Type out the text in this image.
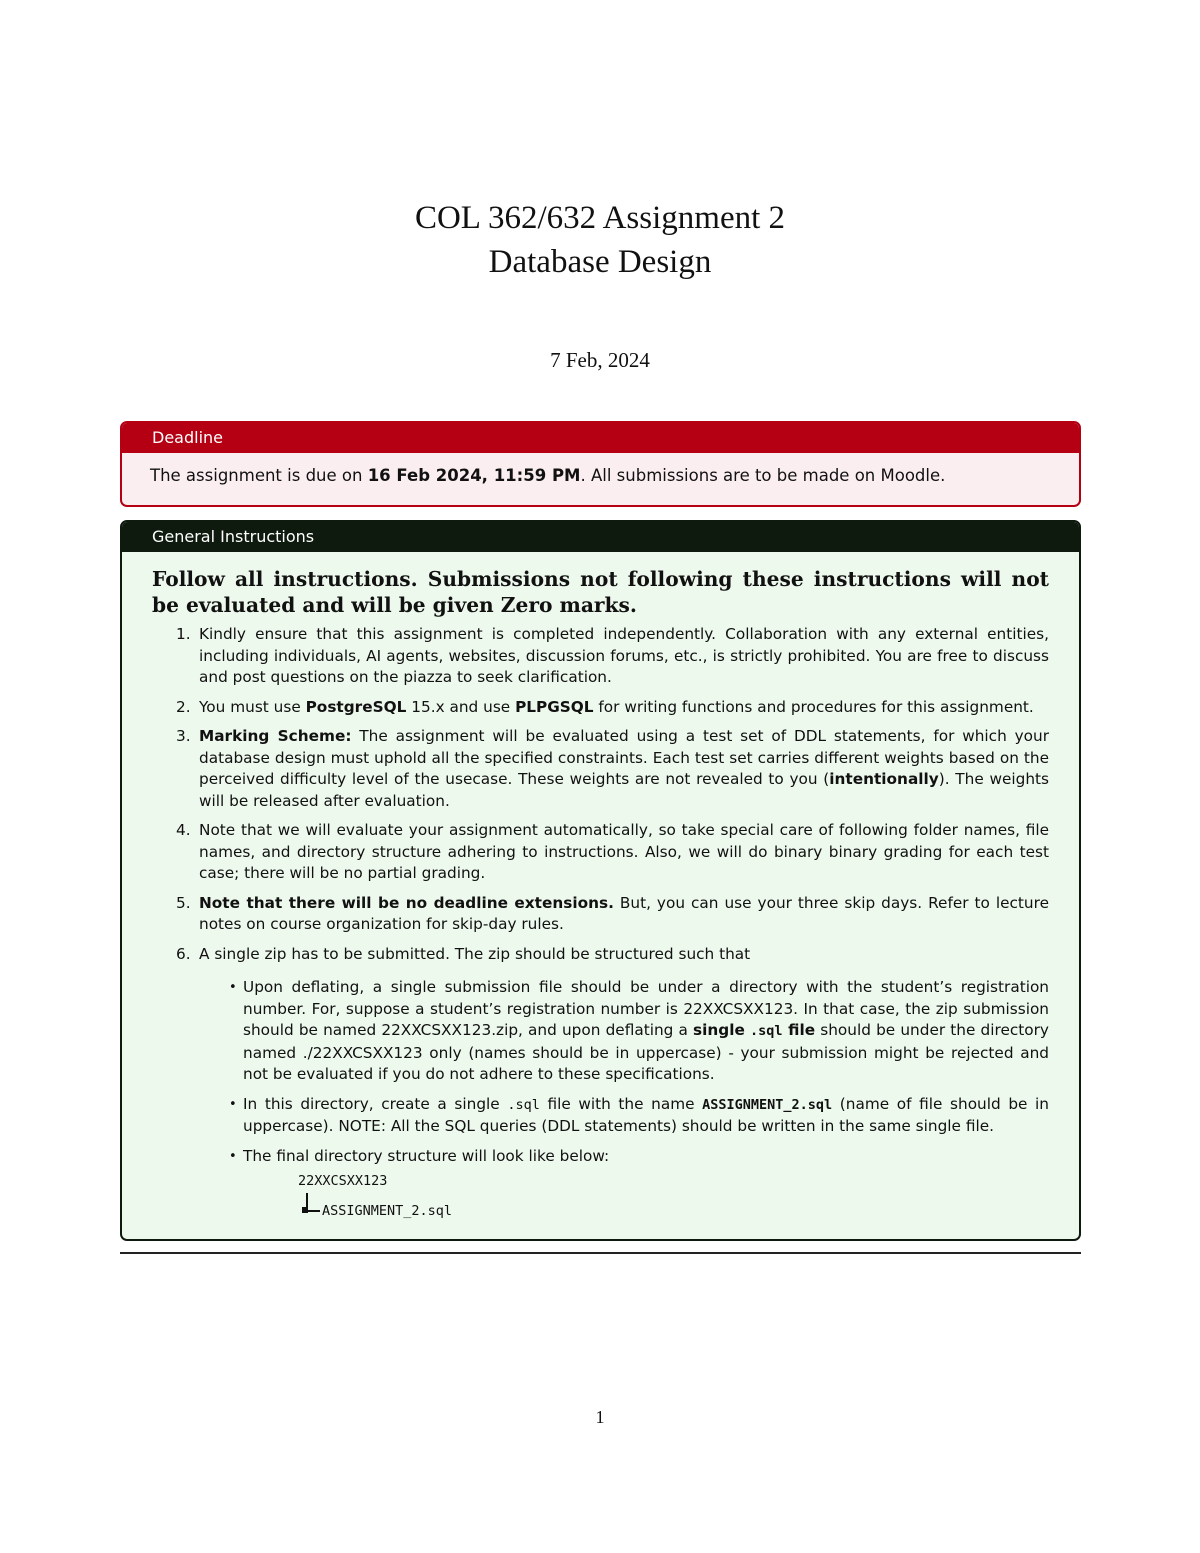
COL 362/632 Assignment 2
Database Design
7 Feb, 2024
Deadline
The assignment is due on 16 Feb 2024, 11:59 PM. All submissions are to be made on Moodle.
General Instructions
Follow all instructions. Submissions not following these instructions will not be evaluated and will be given Zero marks.
1. Kindly ensure that this assignment is completed independently. Collaboration with any external entities, including individuals, AI agents, websites, discussion forums, etc., is strictly prohibited. You are free to discuss and post questions on the piazza to seek clarification.
2. You must use PostgreSQL 15.x and use PLPGSQL for writing functions and procedures for this assignment.
3. Marking Scheme: The assignment will be evaluated using a test set of DDL statements, for which your database design must uphold all the specified constraints. Each test set carries different weights based on the perceived difficulty level of the usecase. These weights are not revealed to you (intentionally). The weights will be released after evaluation.
4. Note that we will evaluate your assignment automatically, so take special care of following folder names, file names, and directory structure adhering to instructions. Also, we will do binary binary grading for each test case; there will be no partial grading.
5. Note that there will be no deadline extensions. But, you can use your three skip days. Refer to lecture notes on course organization for skip-day rules.
6. A single zip has to be submitted. The zip should be structured such that
• Upon deflating, a single submission file should be under a directory with the student’s registration number. For, suppose a student’s registration number is 22XXCSXX123. In that case, the zip submission should be named 22XXCSXX123.zip, and upon deflating a single .sql file should be under the directory named ./22XXCSXX123 only (names should be in uppercase) - your submission might be rejected and not be evaluated if you do not adhere to these specifications.
• In this directory, create a single .sql file with the name ASSIGNMENT_2.sql (name of file should be in uppercase). NOTE: All the SQL queries (DDL statements) should be written in the same single file.
• The final directory structure will look like below:
22XXCSXX123
ASSIGNMENT_2.sql
1
